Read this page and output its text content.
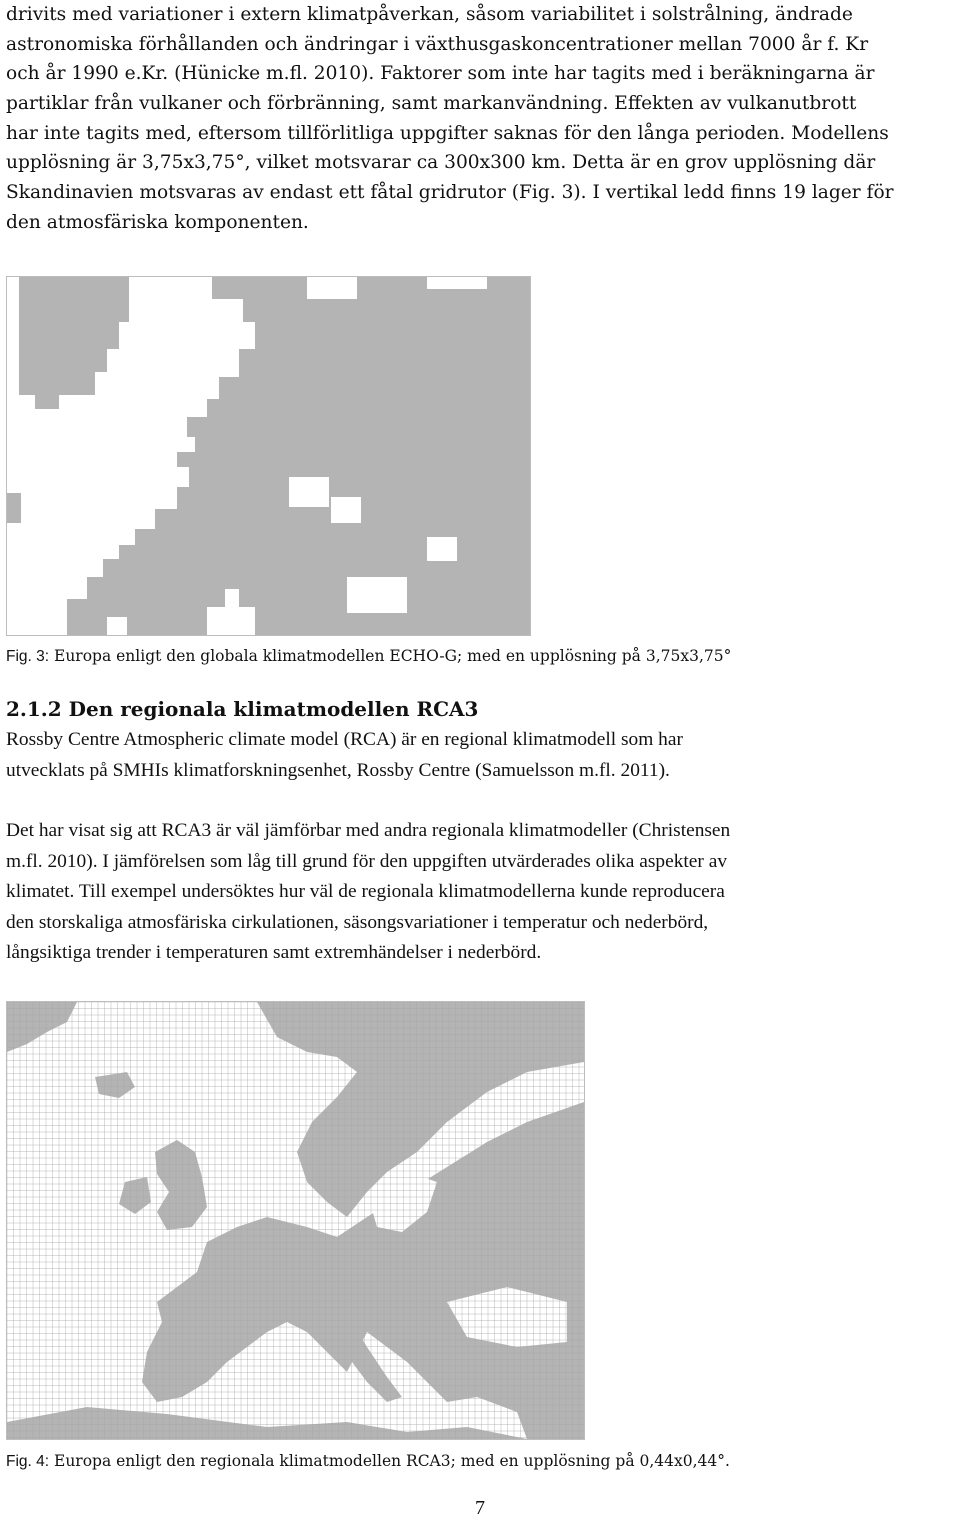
drivits med variationer i extern klimatpåverkan, såsom variabilitet i solstrålning, ändrade
astronomiska förhållanden och ändringar i växthusgaskoncentrationer mellan 7000 år f. Kr
och år 1990 e.Kr. (Hünicke m.fl. 2010). Faktorer som inte har tagits med i beräkningarna är
partiklar från vulkaner och förbränning, samt markanvändning. Effekten av vulkanutbrott
har inte tagits med, eftersom tillförlitliga uppgifter saknas för den långa perioden. Modellens
upplösning är 3,75x3,75°, vilket motsvarar ca 300x300 km. Detta är en grov upplösning där
Skandinavien motsvaras av endast ett fåtal gridrutor (Fig. 3). I vertikal ledd finns 19 lager för
den atmosfäriska komponenten.
Fig. 3: Europa enligt den globala klimatmodellen ECHO-G; med en upplösning på 3,75x3,75°
2.1.2 Den regionala klimatmodellen RCA3
Rossby Centre Atmospheric climate model (RCA) är en regional klimatmodell som har
utvecklats på SMHIs klimatforskningsenhet, Rossby Centre (Samuelsson m.fl. 2011).
Det har visat sig att RCA3 är väl jämförbar med andra regionala klimatmodeller (Christensen
m.fl. 2010). I jämförelsen som låg till grund för den uppgiften utvärderades olika aspekter av
klimatet. Till exempel undersöktes hur väl de regionala klimatmodellerna kunde reproducera
den storskaliga atmosfäriska cirkulationen, säsongsvariationer i temperatur och nederbörd,
långsiktiga trender i temperaturen samt extremhändelser i nederbörd.
Fig. 4: Europa enligt den regionala klimatmodellen RCA3; med en upplösning på 0,44x0,44°.
7
